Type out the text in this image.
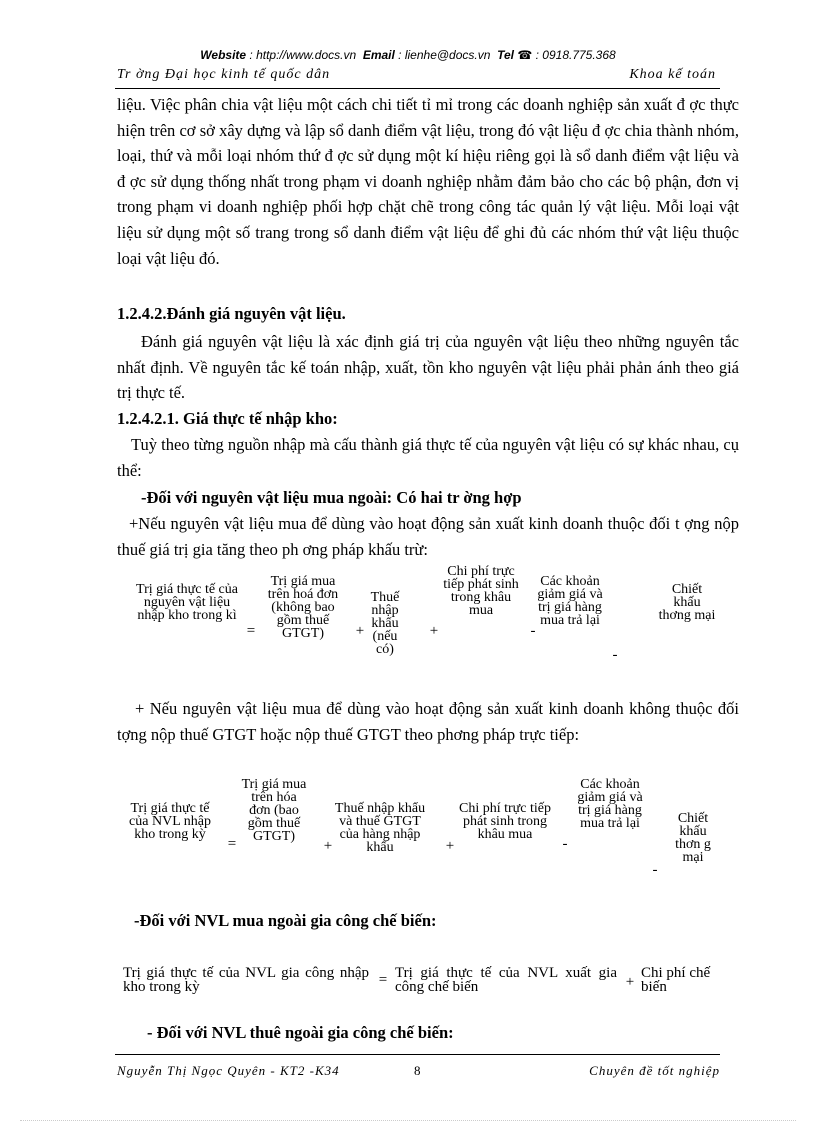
Website : http://www.docs.vn Email : lienhe@docs.vn Tel ☎ : 0918.775.368
Tr ờng Đại học kinh tế quốc dân	Khoa kế toán
liệu. Việc phân chia vật liệu một cách chi tiết tỉ mỉ trong các doanh nghiệp sản xuất đ ợc thực hiện trên cơ sở xây dựng và lập sổ danh điểm vật liệu, trong đó vật liệu đ ợc chia thành nhóm, loại, thứ và mỗi loại nhóm thứ đ ợc sử dụng một kí hiệu riêng gọi là sổ danh điểm vật liệu và đ ợc sử dụng thống nhất trong phạm vi doanh nghiệp nhằm đảm bảo cho các bộ phận, đơn vị trong phạm vi doanh nghiệp phối hợp chặt chẽ trong công tác quản lý vật liệu. Mỗi loại vật liệu sử dụng một số trang trong sổ danh điểm vật liệu để ghi đủ các nhóm thứ vật liệu thuộc loại vật liệu đó.
1.2.4.2.Đánh giá nguyên vật liệu.
Đánh giá nguyên vật liệu là xác định giá trị của nguyên vật liệu theo những nguyên tắc nhất định. Về nguyên tắc kế toán nhập, xuất, tồn kho nguyên vật liệu phải phản ánh theo giá trị thực tế.
1.2.4.2.1. Giá thực tế nhập kho:
Tuỳ theo từng nguồn nhập mà cấu thành giá thực tế của nguyên vật liệu có sự khác nhau, cụ thể:
-Đối với nguyên vật liệu mua ngoài: Có hai tr ờng hợp
+Nếu nguyên vật liệu mua để dùng vào hoạt động sản xuất kinh doanh thuộc đối t ợng nộp thuế giá trị gia tăng theo ph ơng pháp khấu trừ:
Trị giá thực tế của nguyên vật liệu nhập kho trong kì
=
Trị giá mua trên hoá đơn (không bao gồm thuế GTGT)	+
Thuế nhập khẩu (nếu có)
+
Chi phí trực tiếp phát sinh trong khâu mua
-
Các khoản giảm giá và trị giá hàng mua trả lại
-
Chiết khấu thơng mại
+ Nếu nguyên vật liệu mua để dùng vào hoạt động sản xuất kinh doanh không thuộc đối tợng nộp thuế GTGT hoặc nộp thuế GTGT theo phơng pháp trực tiếp:
Trị giá thực tế của NVL nhập kho trong kỳ
=
Trị giá mua trên hóa đơn (bao gồm thuế GTGT)
+
Thuế nhập khẩu và thuế GTGT của hàng nhập khẩu	+
Chi phí trực tiếp phát sinh trong khâu mua
-
Các khoản giảm giá và trị giá hàng mua trả lại
-
Chiết khấu thơn g mại
-Đối với NVL mua ngoài gia công chế biến:
Trị giá thực tế của NVL gia công nhập kho trong kỳ	= Trị giá thực tế của NVL xuất gia công chế biến	+
Chi phí chế biến
- Đối với NVL thuê ngoài gia công chế biến:
Nguyễn Thị Ngọc Quyên - KT2 -K34	8	Chuyên đề tốt nghiệp
